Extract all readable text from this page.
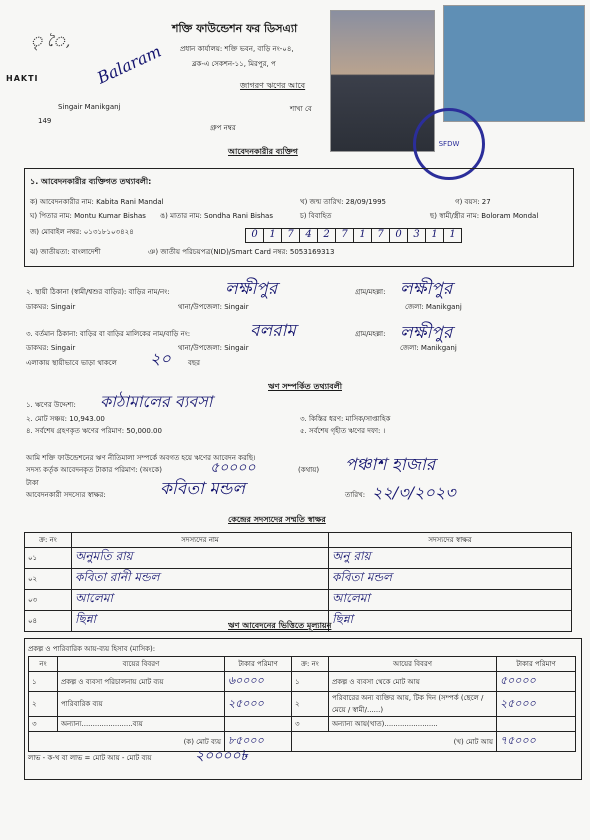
ৃ ৈ,
HAKTI	Balaram
শক্তি ফাউন্ডেশন ফর ডিসএ্যা
প্রধান কার্যালয়: শক্তি ভবন, বাড়ি নং-০৪,
ব্লক-এ সেকশন-১১, মিরপুর, প
জাগরণ ঋণের আবে
Singair Manikganj	শাখা বে
149
গ্রুপ নম্বর
আবেদনকারীর ব্যক্তিগ
SFDW
১. আবেদনকারীর ব্যক্তিগত তথ্যাবলী:
ক) আবেদনকারীর নাম: Kabita Rani Mandal	খ) জন্ম তারিখ: 28/09/1995	গ) বয়স: 27
ঘ) পিতার নাম: Montu Kumar Bishas ঙ) মাতার নাম: Sondha Rani Bishas	চ) বিবাহিত	ছ) স্বামী/স্ত্রীর নাম: Boloram Mondal
জ) মোবাইল নম্বর: ০১৩১৮১০৩৪২৪	0 1 7 4 2 7 1 7 0 3 1 1
ঝ) জাতীয়তা: বাংলাদেশী	ঞ) জাতীয় পরিচয়পত্র(NID)/Smart Card নম্বর: 5053169313
২. স্থায়ী ঠিকানা (স্বামী/শ্বশুর বাড়ির): বাড়ির নাম/নং:	লক্ষীপুর	গ্রাম/মহল্লা: লক্ষীপুর
ডাকঘর: Singair	থানা/উপজেলা: Singair	জেলা: Manikganj
৩. বর্তমান ঠিকানা: বাড়ির বা বাড়ির মালিকের নাম/বাড়ি নং:	বলরাম	গ্রাম/মহল্লা: লক্ষীপুর
ডাকঘর: Singair	থানা/উপজেলা: Singair	জেলা: Manikganj
এলাকায় স্থায়ীভাবে ভাড়া থাকলে ২০ বছর
ঋণ সম্পর্কিত তথ্যাবলী
১. ঋণের উদ্দেশ্য: কাঠামালের ব্যবসা
২. মোট সঞ্চয়: 10,943.00	৩. কিস্তির ধরণ: মাসিক/সাপ্তাহিক
৪. সর্বশেষ গ্রহণকৃত ঋণের পরিমাণ: 50,000.00	৫. সর্বশেষ গৃহীত ঋণের দফা: ।
আমি শক্তি ফাউন্ডেশনের ঋণ নীতিমালা সম্পর্কে অবগত হয়ে ঋণের আবেদন করছি।
সদস্য কর্তৃক আবেদনকৃত টাকার পরিমাণ: (অংকে)	৫০০০০	(কথায়) পঞ্চাশ হাজার
টাকা
আবেদনকারী সদস্যের স্বাক্ষর:	কবিতা মন্ডল	তারিখ: ২২/৩/২০২৩
কেন্দ্রের সদস্যদের সম্মতি স্বাক্ষর
ক্র: নং	সদস্যদের নাম	সদস্যদের স্বাক্ষর
০১	অনুমতি রায়	অনু রায়
০২	কবিতা রানী মন্ডল	কবিতা মন্ডল
০৩	আলেমা	আলেমা
০৪	ছিন্না	ছিন্না
ঋণ আবেদনের ভিত্তিতে মূল্যায়ন
প্রকল্প ও পারিবারিক আয়-ব্যয় হিসাব (মাসিক):
নং	ব্যয়ের বিবরণ	টাকার পরিমাণ	ক্র: নং	আয়ের বিবরণ	টাকার পরিমাণ
১	প্রকল্প ও ব্যবসা পরিচালনায় মোট ব্যয়	৬০০০০	১	প্রকল্প ও ব্যবসা থেকে মোট আয়	৫০০০০
২	পারিবারিক ব্যয়	২৫০০০	২	পরিবারের অন্য ব্যক্তির আয়, টিক দিন (সম্পর্ক (ছেলে / মেয়ে / স্বামী/......)	২৫০০০
৩	অন্যান্য.......................ব্যয়		৩	অন্যান্য আয়(খাত)........................	
(ক) মোট ব্যয়		৮৫০০০	(খ) মোট আয়		৭৫০০০
লাভ - ক-খ বা লাভ = মোট আয় - মোট ব্যয়	২০০০০৳
